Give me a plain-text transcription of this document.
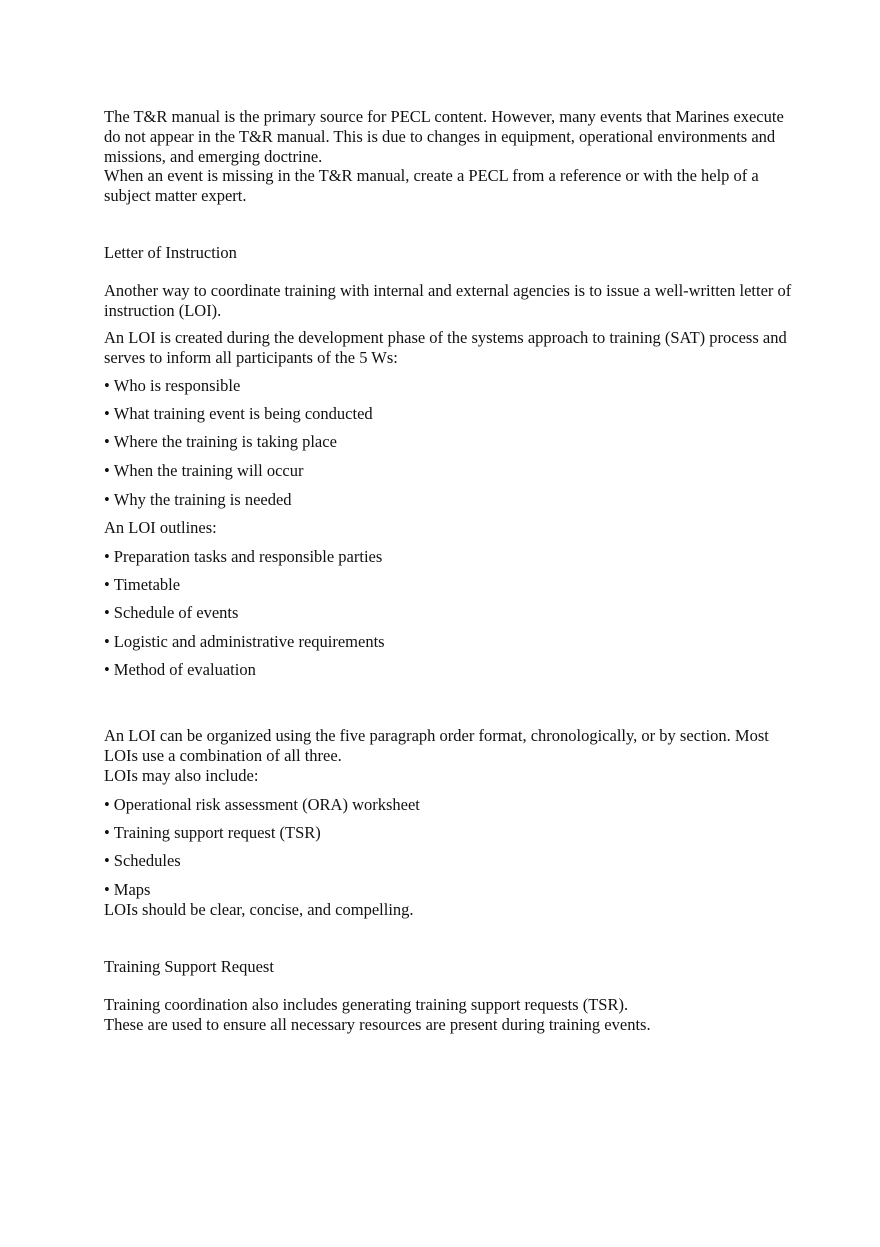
The T&R manual is the primary source for PECL content. However, many events that Marines execute do not appear in the T&R manual. This is due to changes in equipment, operational environments and missions, and emerging doctrine.

When an event is missing in the T&R manual, create a PECL from a reference or with the help of a subject matter expert.

Letter of Instruction

Another way to coordinate training with internal and external agencies is to issue a well-written letter of instruction (LOI).

An LOI is created during the development phase of the systems approach to training (SAT) process and serves to inform all participants of the 5 Ws:

• Who is responsible

• What training event is being conducted

• Where the training is taking place

• When the training will occur

• Why the training is needed

An LOI outlines:

• Preparation tasks and responsible parties

• Timetable

• Schedule of events

• Logistic and administrative requirements

• Method of evaluation

An LOI can be organized using the five paragraph order format, chronologically, or by section. Most LOIs use a combination of all three.

LOIs may also include:

• Operational risk assessment (ORA) worksheet

• Training support request (TSR)

• Schedules

• Maps

LOIs should be clear, concise, and compelling.

Training Support Request

Training coordination also includes generating training support requests (TSR).

These are used to ensure all necessary resources are present during training events.
